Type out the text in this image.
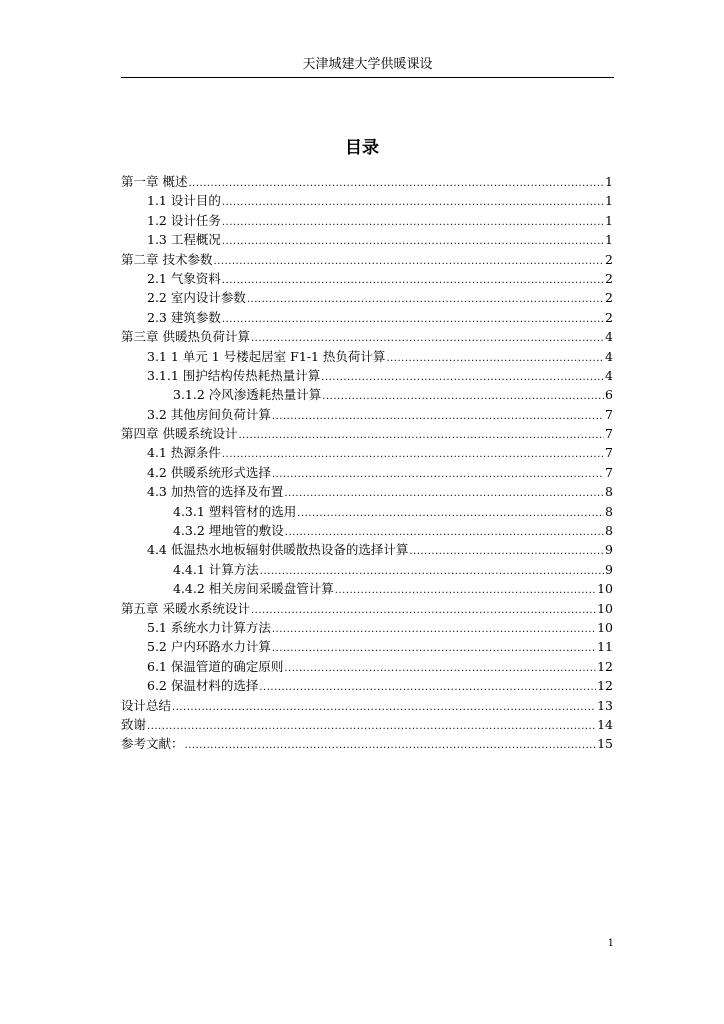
天津城建大学供暖课设
目录
第一章 概述 .....	1
1.1 设计目的 .....	1
1.2 设计任务 .....	1
1.3 工程概况 .....	1
第二章 技术参数 .....	2
2.1 气象资料 .....	2
2.2 室内设计参数 .....	2
2.3 建筑参数 .....	2
第三章 供暖热负荷计算 .....	4
3.1 1 单元 1 号楼起居室 F1-1 热负荷计算 .....	4
3.1.1 围护结构传热耗热量计算 .....	4
3.1.2 冷风渗透耗热量计算 .....	6
3.2 其他房间负荷计算 .....	7
第四章 供暖系统设计 .....	7
4.1 热源条件 .....	7
4.2 供暖系统形式选择 .....	7
4.3 加热管的选择及布置 .....	8
4.3.1 塑料管材的选用 .....	8
4.3.2 埋地管的敷设 .....	8
4.4 低温热水地板辐射供暖散热设备的选择计算 .....	9
4.4.1 计算方法 .....	9
4.4.2 相关房间采暖盘管计算 .....	10
第五章 采暖水系统设计 .....	10
5.1 系统水力计算方法 .....	10
5.2 户内环路水力计算 .....	11
6.1 保温管道的确定原则 .....	12
6.2 保温材料的选择 .....	12
设计总结 .....	13
致谢 .....	14
参考文献： .....	15
1
